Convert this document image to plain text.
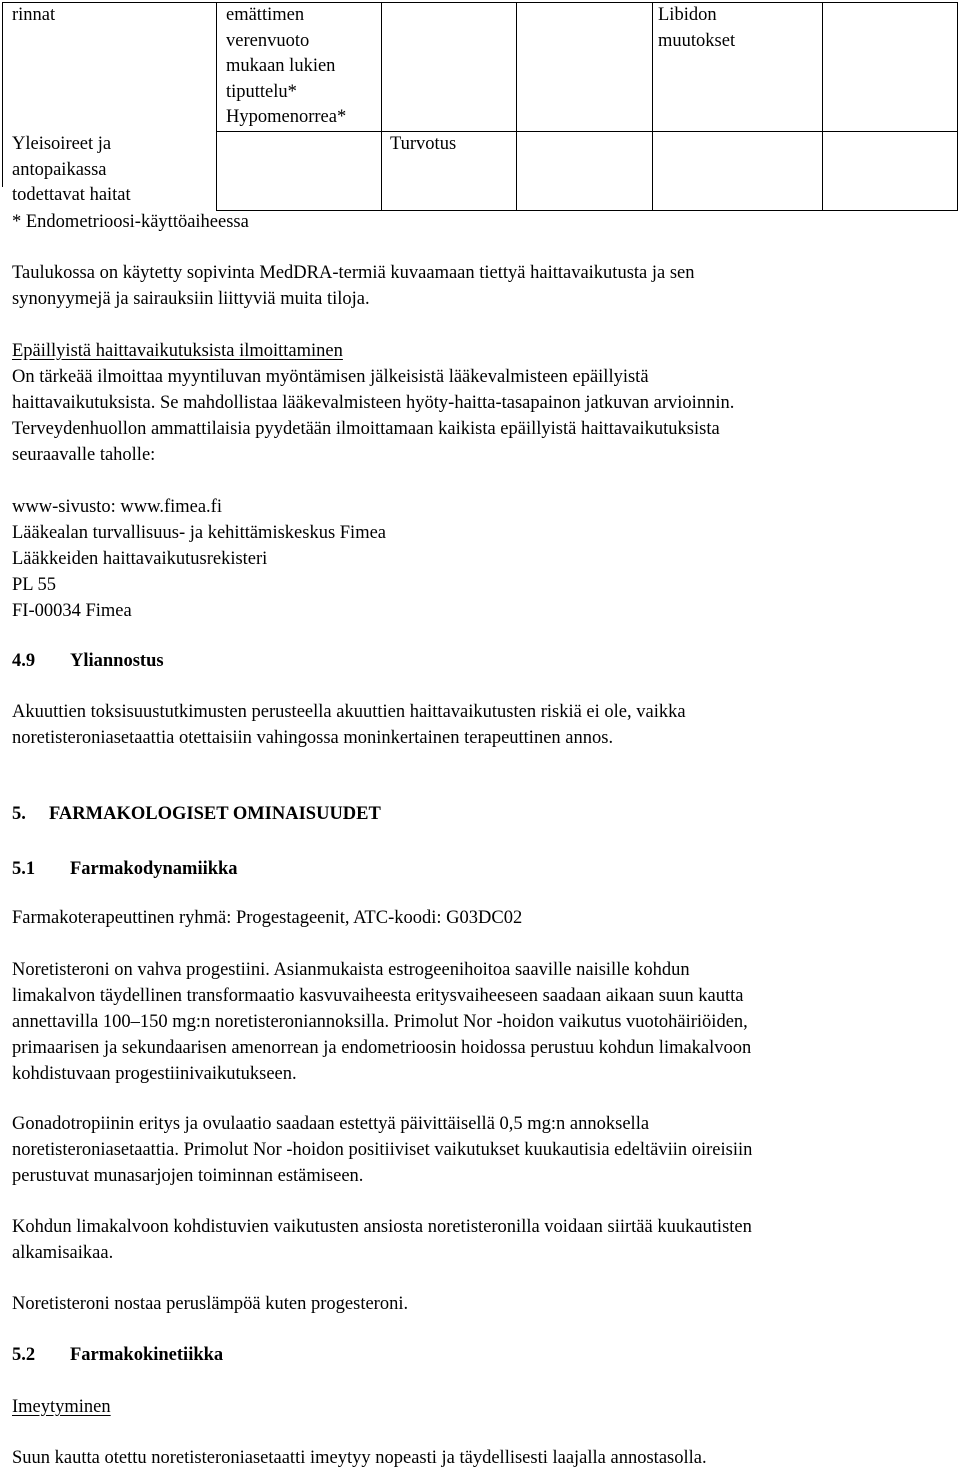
rinnat	emättimen
verenvuoto
mukaan lukien
tiputtelu*
Hypomenorrea*
Libidon
muutokset
Yleisoireet ja
antopaikassa
todettavat haitat
Turvotus
* Endometrioosi-käyttöaiheessa
Taulukossa on käytetty sopivinta MedDRA-termiä kuvaamaan tiettyä haittavaikutusta ja sen
synonyymejä ja sairauksiin liittyviä muita tiloja.
Epäillyistä haittavaikutuksista ilmoittaminen
On tärkeää ilmoittaa myyntiluvan myöntämisen jälkeisistä lääkevalmisteen epäillyistä
haittavaikutuksista. Se mahdollistaa lääkevalmisteen hyöty-haitta-tasapainon jatkuvan arvioinnin.
Terveydenhuollon ammattilaisia pyydetään ilmoittamaan kaikista epäillyistä haittavaikutuksista
seuraavalle taholle:
www-sivusto: www.fimea.fi
Lääkealan turvallisuus- ja kehittämiskeskus Fimea
Lääkkeiden haittavaikutusrekisteri
PL 55
FI-00034 Fimea
4.9 Yliannostus
Akuuttien toksisuustutkimusten perusteella akuuttien haittavaikutusten riskiä ei ole, vaikka
noretisteroniasetaattia otettaisiin vahingossa moninkertainen terapeuttinen annos.
5. FARMAKOLOGISET OMINAISUUDET
5.1 Farmakodynamiikka
Farmakoterapeuttinen ryhmä: Progestageenit, ATC-koodi: G03DC02
Noretisteroni on vahva progestiini. Asianmukaista estrogeenihoitoa saaville naisille kohdun
limakalvon täydellinen transformaatio kasvuvaiheesta eritysvaiheeseen saadaan aikaan suun kautta
annettavilla 100–150 mg:n noretisteroniannoksilla. Primolut Nor -hoidon vaikutus vuotohäiriöiden,
primaarisen ja sekundaarisen amenorrean ja endometrioosin hoidossa perustuu kohdun limakalvoon
kohdistuvaan progestiinivaikutukseen.
Gonadotropiinin eritys ja ovulaatio saadaan estettyä päivittäisellä 0,5 mg:n annoksella
noretisteroniasetaattia. Primolut Nor -hoidon positiiviset vaikutukset kuukautisia edeltäviin oireisiin
perustuvat munasarjojen toiminnan estämiseen.
Kohdun limakalvoon kohdistuvien vaikutusten ansiosta noretisteronilla voidaan siirtää kuukautisten
alkamisaikaa.
Noretisteroni nostaa peruslämpöä kuten progesteroni.
5.2 Farmakokinetiikka
Imeytyminen
Suun kautta otettu noretisteroniasetaatti imeytyy nopeasti ja täydellisesti laajalla annostasolla.
